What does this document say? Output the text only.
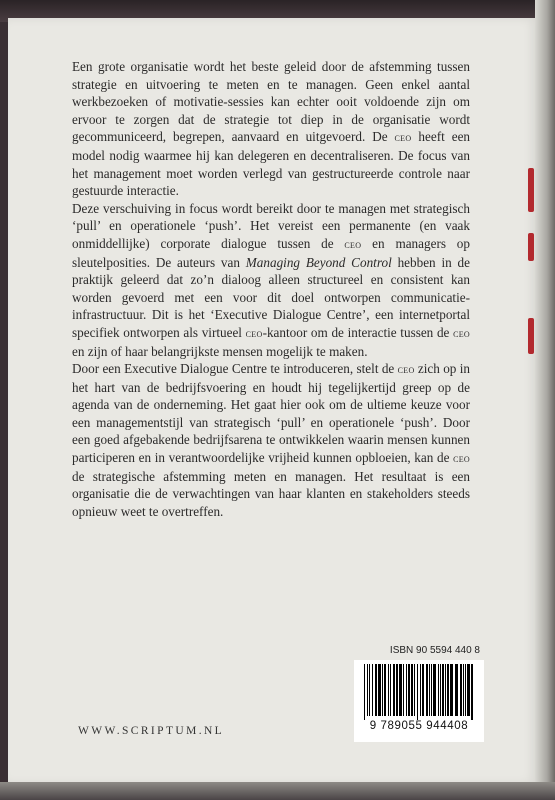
Een grote organisatie wordt het beste geleid door de afstemming tussen strategie en uitvoering te meten en te managen. Geen enkel aantal werkbezoeken of motivatie-sessies kan echter ooit voldoende zijn om ervoor te zorgen dat de strategie tot diep in de organisatie wordt gecommuniceerd, begrepen, aanvaard en uitgevoerd. De ceo heeft een model nodig waarmee hij kan delegeren en decentraliseren. De focus van het management moet worden verlegd van gestructureerde controle naar gestuurde interactie.

Deze verschuiving in focus wordt bereikt door te managen met strategisch ‘pull’ en operationele ‘push’. Het vereist een permanente (en vaak onmiddellijke) corporate dialogue tussen de ceo en managers op sleutelposities. De auteurs van Managing Beyond Control hebben in de praktijk geleerd dat zo’n dialoog alleen structureel en consistent kan worden gevoerd met een voor dit doel ontworpen communicatie-infrastructuur. Dit is het ‘Executive Dialogue Centre’, een internetportal specifiek ontworpen als virtueel ceo-kantoor om de interactie tussen de ceo en zijn of haar belangrijkste mensen mogelijk te maken.

Door een Executive Dialogue Centre te introduceren, stelt de ceo zich op in het hart van de bedrijfsvoering en houdt hij tegelijkertijd greep op de agenda van de onderneming. Het gaat hier ook om de ultieme keuze voor een managementstijl van strategisch ‘pull’ en operationele ‘push’. Door een goed afgebakende bedrijfsarena te ontwikkelen waarin mensen kunnen participeren en in verantwoordelijke vrijheid kunnen opbloeien, kan de ceo de strategische afstemming meten en managen. Het resultaat is een organisatie die de verwachtingen van haar klanten en stakeholders steeds opnieuw weet te overtreffen.

WWW.SCRIPTUM.NL
ISBN 90 5594 440 8
9 789055 944408
